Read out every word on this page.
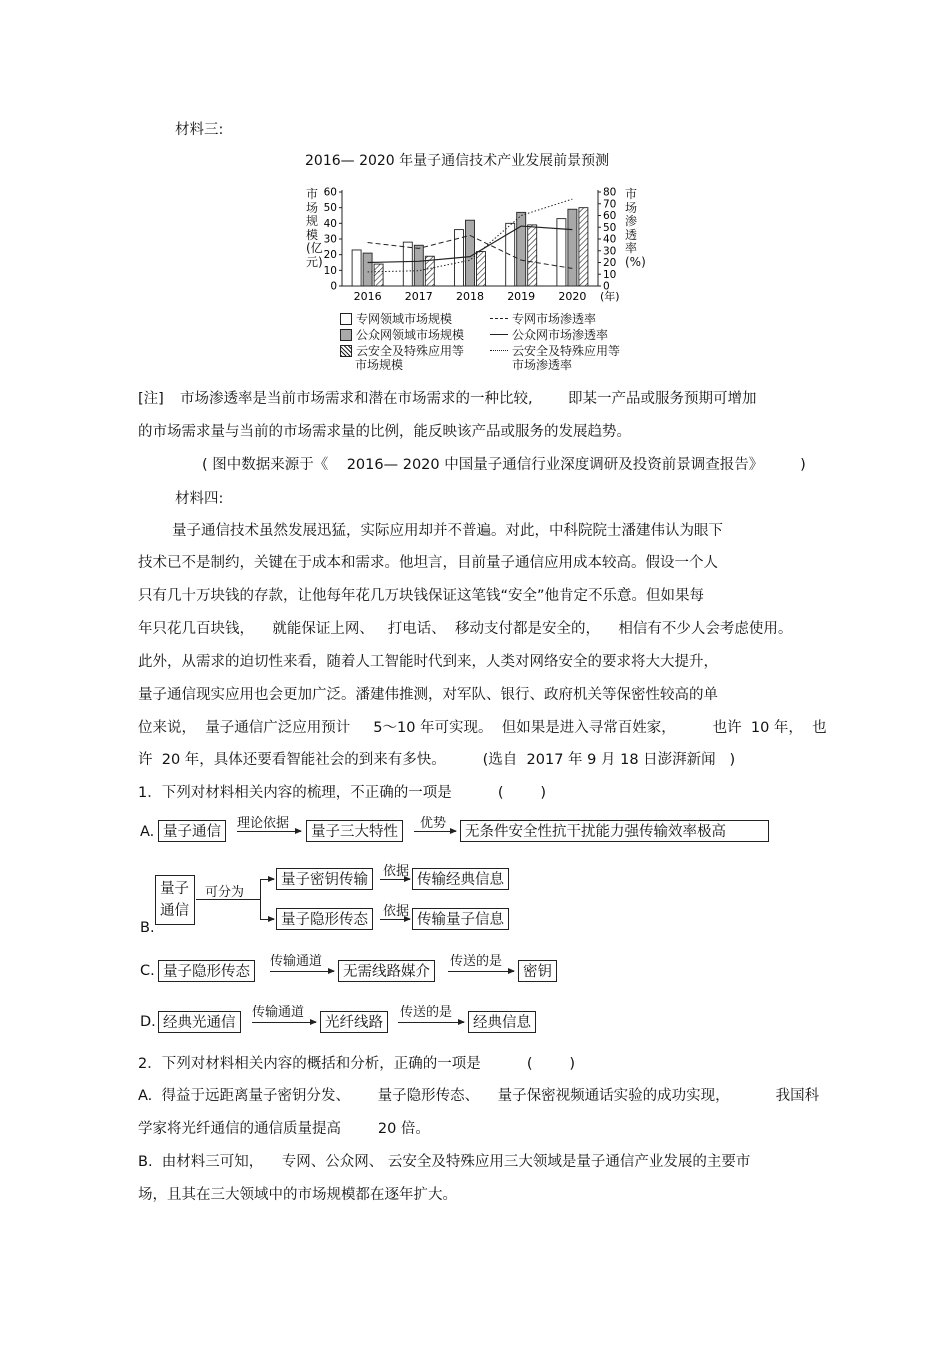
材料三:
2016— 2020 年量子通信技术产业发展前景预测
0
10
20
30
40
50
60
0
10
20
30
40
50
60
70
80
2016 2017 2018 2019 2020 (年)
市场规模(亿元)
市场渗透率(%)
专网领域市场规模	专网市场渗透率
公众网领域市场规模	公众网市场渗透率
云安全及特殊应用等
市场规模
云安全及特殊应用等
市场渗透率
[注] 市场渗透率是当前市场需求和潜在市场需求的一种比较, 即某一产品或服务预期可增加
的市场需求量与当前的市场需求量的比例，能反映该产品或服务的发展趋势。
( 图中数据来源于《    2016— 2020 中国量子通信行业深度调研及投资前景调查报告》        )
材料四:
量子通信技术虽然发展迅猛，实际应用却并不普遍。对此，中科院院士潘建伟认为眼下
技术已不是制约，关键在于成本和需求。他坦言，目前量子通信应用成本较高。假设一个人
只有几十万块钱的存款，让他每年花几万块钱保证这笔钱“安全”他肯定不乐意。但如果每
年只花几百块钱，    就能保证上网、   打电话、  移动支付都是安全的，    相信有不少人会考虑使用。
此外，从需求的迫切性来看，随着人工智能时代到来，人类对网络安全的要求将大大提升，
量子通信现实应用也会更加广泛。潘建伟推测，对军队、银行、政府机关等保密性较高的单
位来说，  量子通信广泛应用预计     5～10 年可实现。  但如果是进入寻常百姓家，        也许  10 年，  也
许  20 年，具体还要看智能社会的到来有多快。        (选自  2017 年 9 月 18 日澎湃新闻   )
1．下列对材料相关内容的梳理，不正确的一项是          (        )
A. 量子通信
理论依据
量子三大特性
优势
无条件安全性抗干扰能力强传输效率极高
量子
通信
可分为
量子密钥传输
依据
传输经典信息
量子隐形传态
依据
传输量子信息
B.
C. 量子隐形传态
传输通道
无需线路媒介
传送的是
密钥
D. 经典光通信
传输通道
光纤线路
传送的是
经典信息
2．下列对材料相关内容的概括和分析，正确的一项是          (        )
A.  得益于远距离量子密钥分发、      量子隐形传态、    量子保密视频通话实验的成功实现，          我国科
学家将光纤通信的通信质量提高        20 倍。
B.  由材料三可知，    专网、公众网、 云安全及特殊应用三大领域是量子通信产业发展的主要市
场，且其在三大领域中的市场规模都在逐年扩大。
